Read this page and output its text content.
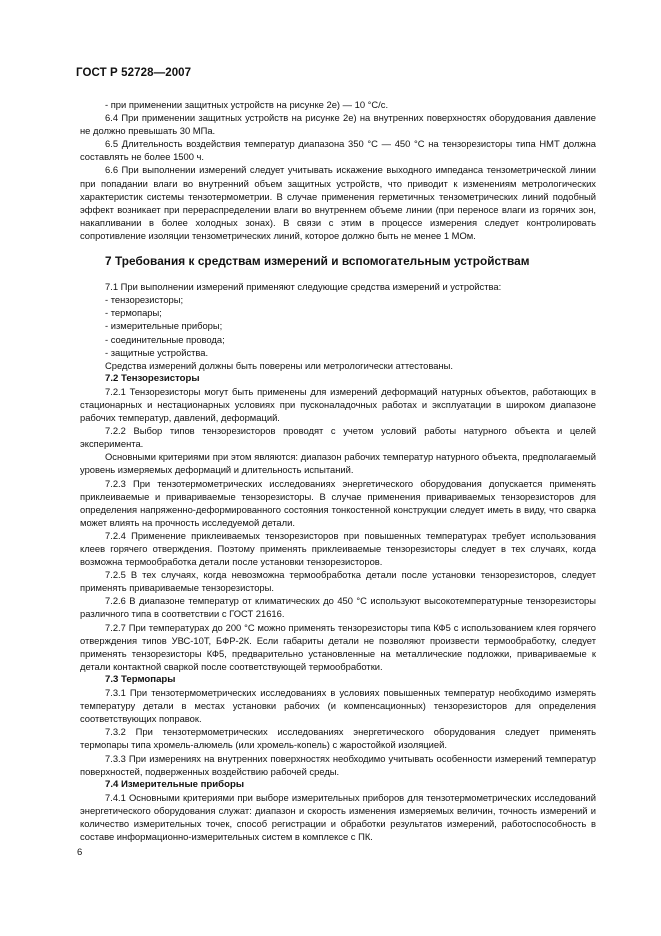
ГОСТ Р 52728—2007

- при применении защитных устройств на рисунке 2е) — 10 °С/с.

6.4 При применении защитных устройств на рисунке 2е) на внутренних поверхностях оборудования давление не должно превышать 30 МПа.

6.5 Длительность воздействия температур диапазона 350 °С — 450 °С на тензорезисторы типа НМТ должна составлять не более 1500 ч.

6.6 При выполнении измерений следует учитывать искажение выходного импеданса тензометрической линии при попадании влаги во внутренний объем защитных устройств, что приводит к изменениям метрологических характеристик системы тензотермометрии. В случае применения герметичных тензометрических линий подобный эффект возникает при перераспределении влаги во внутреннем объеме линии (при переносе влаги из горячих зон, накапливании в более холодных зонах). В связи с этим в процессе измерения следует контролировать сопротивление изоляции тензометрических линий, которое должно быть не менее 1 МОм.

7 Требования к средствам измерений и вспомогательным устройствам

7.1 При выполнении измерений применяют следующие средства измерений и устройства:

- тензорезисторы;

- термопары;

- измерительные приборы;

- соединительные провода;

- защитные устройства.

Средства измерений должны быть поверены или метрологически аттестованы.

7.2 Тензорезисторы

7.2.1 Тензорезисторы могут быть применены для измерений деформаций натурных объектов, работающих в стационарных и нестационарных условиях при пусконаладочных работах и эксплуатации в широком диапазоне рабочих температур, давлений, деформаций.

7.2.2 Выбор типов тензорезисторов проводят с учетом условий работы натурного объекта и целей эксперимента.

Основными критериями при этом являются: диапазон рабочих температур натурного объекта, предполагаемый уровень измеряемых деформаций и длительность испытаний.

7.2.3 При тензотермометрических исследованиях энергетического оборудования допускается применять приклеиваемые и привариваемые тензорезисторы. В случае применения привариваемых тензорезисторов для определения напряженно-деформированного состояния тонкостенной конструкции следует иметь в виду, что сварка может влиять на прочность исследуемой детали.

7.2.4 Применение приклеиваемых тензорезисторов при повышенных температурах требует использования клеев горячего отверждения. Поэтому применять приклеиваемые тензорезисторы следует в тех случаях, когда возможна термообработка детали после установки тензорезисторов.

7.2.5 В тех случаях, когда невозможна термообработка детали после установки тензорезисторов, следует применять привариваемые тензорезисторы.

7.2.6 В диапазоне температур от климатических до 450 °С используют высокотемпературные тензорезисторы различного типа в соответствии с ГОСТ 21616.

7.2.7 При температурах до 200 °С можно применять тензорезисторы типа КФ5 с использованием клея горячего отверждения типов УВС-10Т, БФР-2К. Если габариты детали не позволяют произвести термообработку, следует применять тензорезисторы КФ5, предварительно установленные на металлические подложки, привариваемые к детали контактной сваркой после соответствующей термообработки.

7.3 Термопары

7.3.1 При тензотермометрических исследованиях в условиях повышенных температур необходимо измерять температуру детали в местах установки рабочих (и компенсационных) тензорезисторов для определения соответствующих поправок.

7.3.2 При тензотермометрических исследованиях энергетического оборудования следует применять термопары типа хромель-алюмель (или хромель-копель) с жаростойкой изоляцией.

7.3.3 При измерениях на внутренних поверхностях необходимо учитывать особенности измерений температур поверхностей, подверженных воздействию рабочей среды.

7.4 Измерительные приборы

7.4.1 Основными критериями при выборе измерительных приборов для тензотермометрических исследований энергетического оборудования служат: диапазон и скорость изменения измеряемых величин, точность измерений и количество измерительных точек, способ регистрации и обработки результатов измерений, работоспособность в составе информационно-измерительных систем в комплексе с ПК.

6
